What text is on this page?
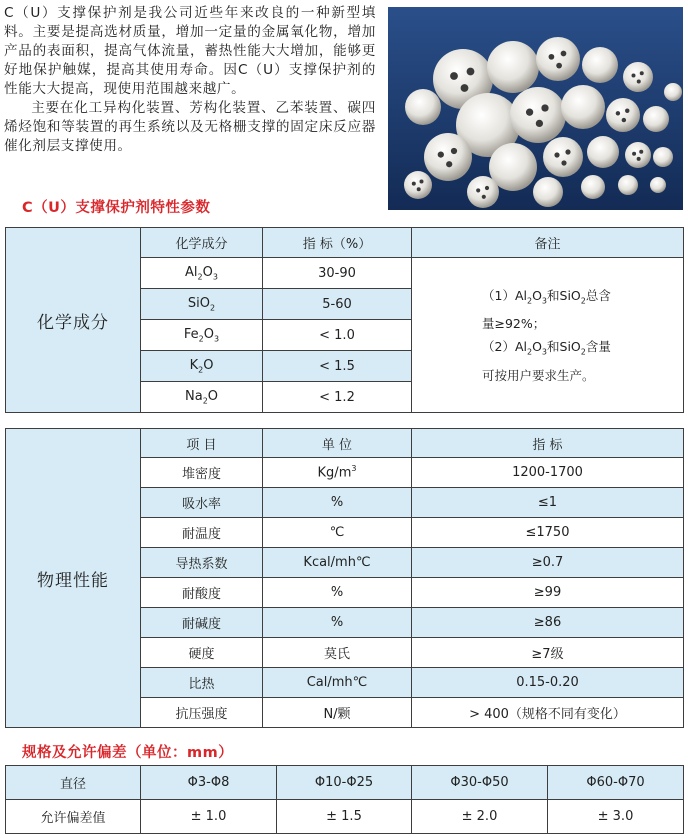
C（U）支撑保护剂是我公司近些年来改良的一种新型填料。主要是提高选材质量，增加一定量的金属氧化物，增加产品的表面积，提高气体流量，蓄热性能大大增加，能够更好地保护触媒，提高其使用寿命。因C（U）支撑保护剂的性能大大提高，现使用范围越来越广。

主要在化工异构化装置、芳构化装置、乙苯装置、碳四烯烃饱和等装置的再生系统以及无格栅支撑的固定床反应器催化剂层支撑使用。

C（U）支撑保护剂特性参数
化学成分	化学成分	指 标（%）	备注
	$Al_2O_3$	30-90	$(1)Al_2O_3$和SiO$_2$总含
量≥92%；
$(2)Al_2O_3$和SiO$_2$含量
可按用户要求生产。

	SiO$_2$	5-60	
	$Fe_2O_3$	< 1.0	
	$K_2O$	< 1.5	
	$Na_2O$	< 1.2	
物理性能	项 目	单 位	指 标
	堆密度	$Kg/m^3$	1200-1700
	吸水率	%	≤1
	耐温度	℃	≤1750
	导热系数	Kcal/mh℃	≥0.7
	耐酸度	%	≥99
	耐碱度	%	≥86
	硬度	莫氏	≥7级
	比热	Cal/mh℃	0.15-0.20
	抗压强度	N/颗	> 400（规格不同有变化）
规格及允许偏差（单位：mm）
直径	Φ3-Φ8	Φ10-Φ25	Φ30-Φ50	Φ60-Φ70
允许偏差值	± 1.0	± 1.5	± 2.0	± 3.0
